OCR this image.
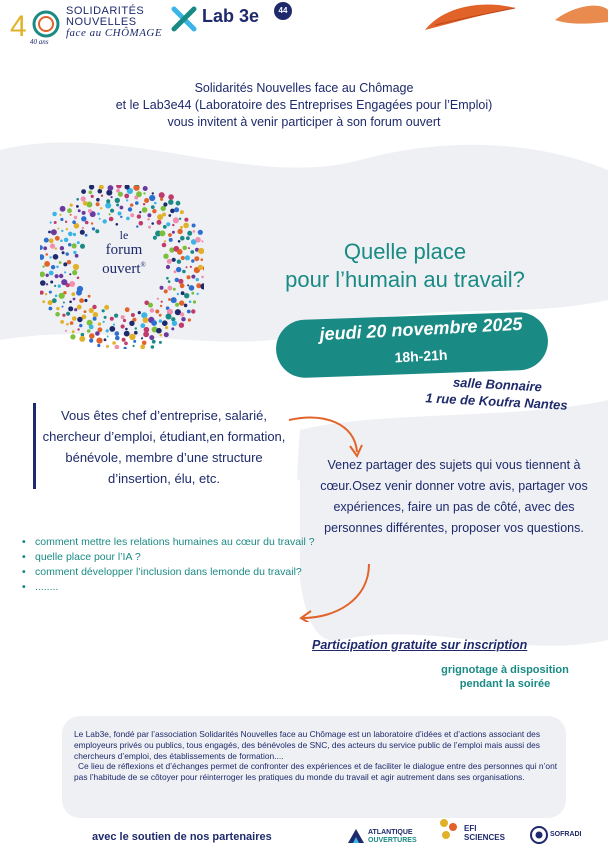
4 40 ans
SOLIDARITÉS
NOUVELLES
face au CHÔMAGE
Lab 3e	44
Solidarités Nouvelles face au Chômage
et le Lab3e44 (Laboratoire des Entreprises Engagées pour l’Emploi)
vous invitent à venir participer à son forum ouvert
le
forum
ouvert®
Quelle place
pour l’humain au travail?
jeudi 20 novembre 2025
18h-21h
salle Bonnaire
1 rue de Koufra Nantes
Vous êtes chef d’entreprise, salarié, chercheur d’emploi, étudiant,en formation, bénévole, membre d’une structure d’insertion, élu, etc.
Venez partager des sujets qui vous tiennent à cœur.Osez venir donner votre avis, partager vos expériences, faire un pas de côté, avec des personnes différentes, proposer vos questions.
• comment mettre les relations humaines au cœur du travail ?
• quelle place pour l’IA ?
• comment développer l’inclusion dans lemonde du travail?
• ........
Participation gratuite sur inscription
grignotage à disposition
pendant la soirée
Le Lab3e, fondé par l’association Solidarités Nouvelles face au Chômage est un laboratoire d’idées et d’actions associant des employeurs privés ou publics, tous engagés, des bénévoles de SNC, des acteurs du service public de l’emploi mais aussi des chercheurs d’emploi, des établissements de formation....
Ce lieu de réflexions et d’échanges permet de confronter des expériences et de faciliter le dialogue entre des personnes qui n’ont pas l’habitude de se côtoyer pour réinterroger les pratiques du monde du travail et agir autrement dans ses organisations.
avec le soutien de nos partenaires	ATLANTIQUE
OUVERTURES
EFI
SCIENCES	SOFRADI
